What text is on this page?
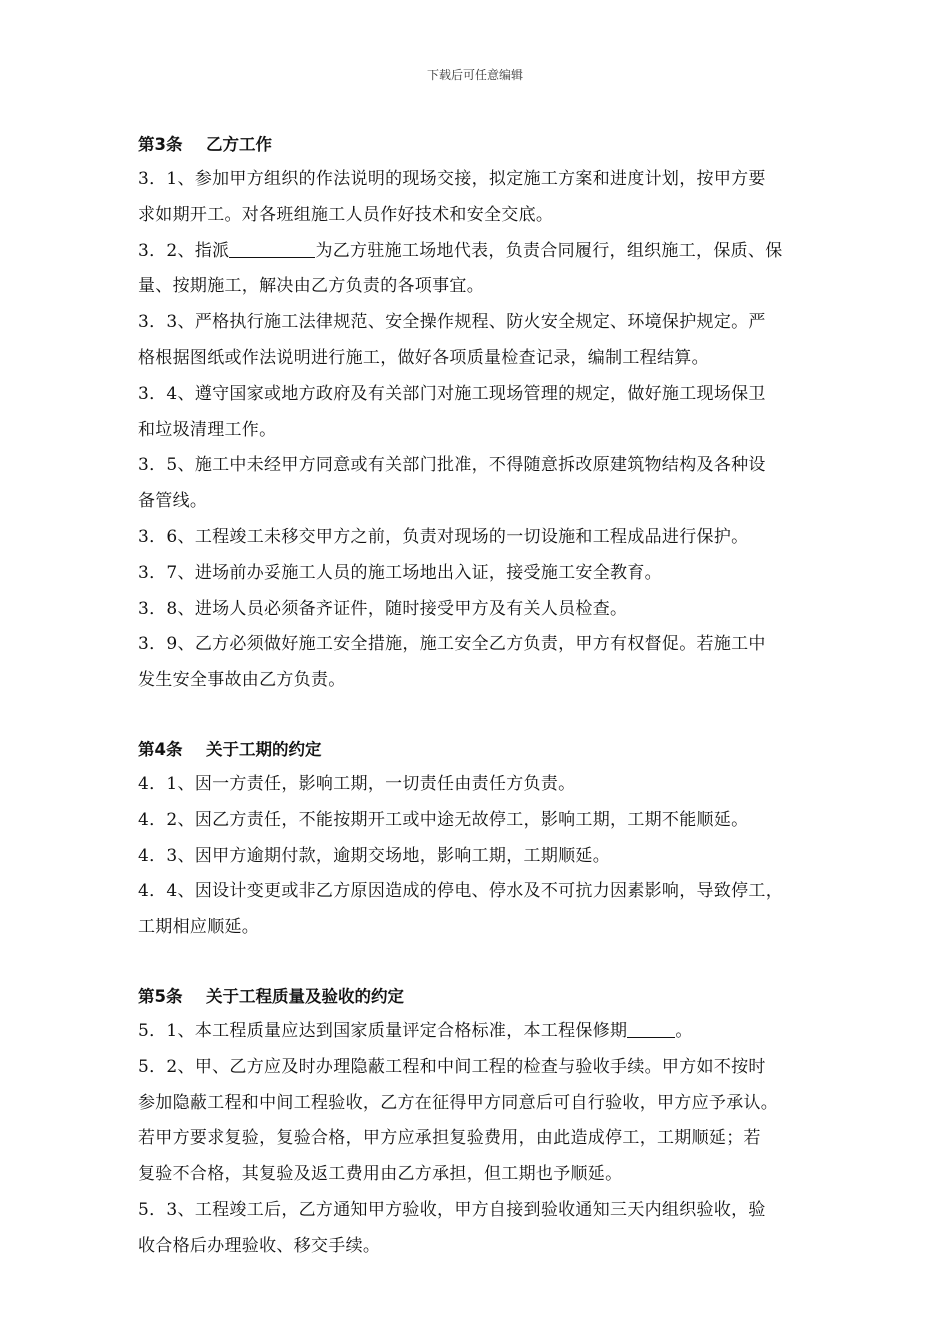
下载后可任意编辑
第3条 乙方工作
3．1、参加甲方组织的作法说明的现场交接，拟定施工方案和进度计划，按甲方要
求如期开工。对各班组施工人员作好技术和安全交底。
3．2、指派	为乙方驻施工场地代表，负责合同履行，组织施工，保质、保
量、按期施工，解决由乙方负责的各项事宜。
3．3、严格执行施工法律规范、安全操作规程、防火安全规定、环境保护规定。严
格根据图纸或作法说明进行施工，做好各项质量检查记录，编制工程结算。
3．4、遵守国家或地方政府及有关部门对施工现场管理的规定，做好施工现场保卫
和垃圾清理工作。
3．5、施工中未经甲方同意或有关部门批准，不得随意拆改原建筑物结构及各种设
备管线。
3．6、工程竣工未移交甲方之前，负责对现场的一切设施和工程成品进行保护。
3．7、进场前办妥施工人员的施工场地出入证，接受施工安全教育。
3．8、进场人员必须备齐证件，随时接受甲方及有关人员检查。
3．9、乙方必须做好施工安全措施，施工安全乙方负责，甲方有权督促。若施工中
发生安全事故由乙方负责。
第4条 关于工期的约定
4．1、因一方责任，影响工期，一切责任由责任方负责。
4．2、因乙方责任，不能按期开工或中途无故停工，影响工期，工期不能顺延。
4．3、因甲方逾期付款，逾期交场地，影响工期，工期顺延。
4．4、因设计变更或非乙方原因造成的停电、停水及不可抗力因素影响，导致停工，
工期相应顺延。
第5条 关于工程质量及验收的约定
5．1、本工程质量应达到国家质量评定合格标准，本工程保修期	。
5．2、甲、乙方应及时办理隐蔽工程和中间工程的检查与验收手续。甲方如不按时
参加隐蔽工程和中间工程验收，乙方在征得甲方同意后可自行验收，甲方应予承认。
若甲方要求复验，复验合格，甲方应承担复验费用，由此造成停工，工期顺延；若
复验不合格，其复验及返工费用由乙方承担，但工期也予顺延。
5．3、工程竣工后，乙方通知甲方验收，甲方自接到验收通知三天内组织验收，验
收合格后办理验收、移交手续。
